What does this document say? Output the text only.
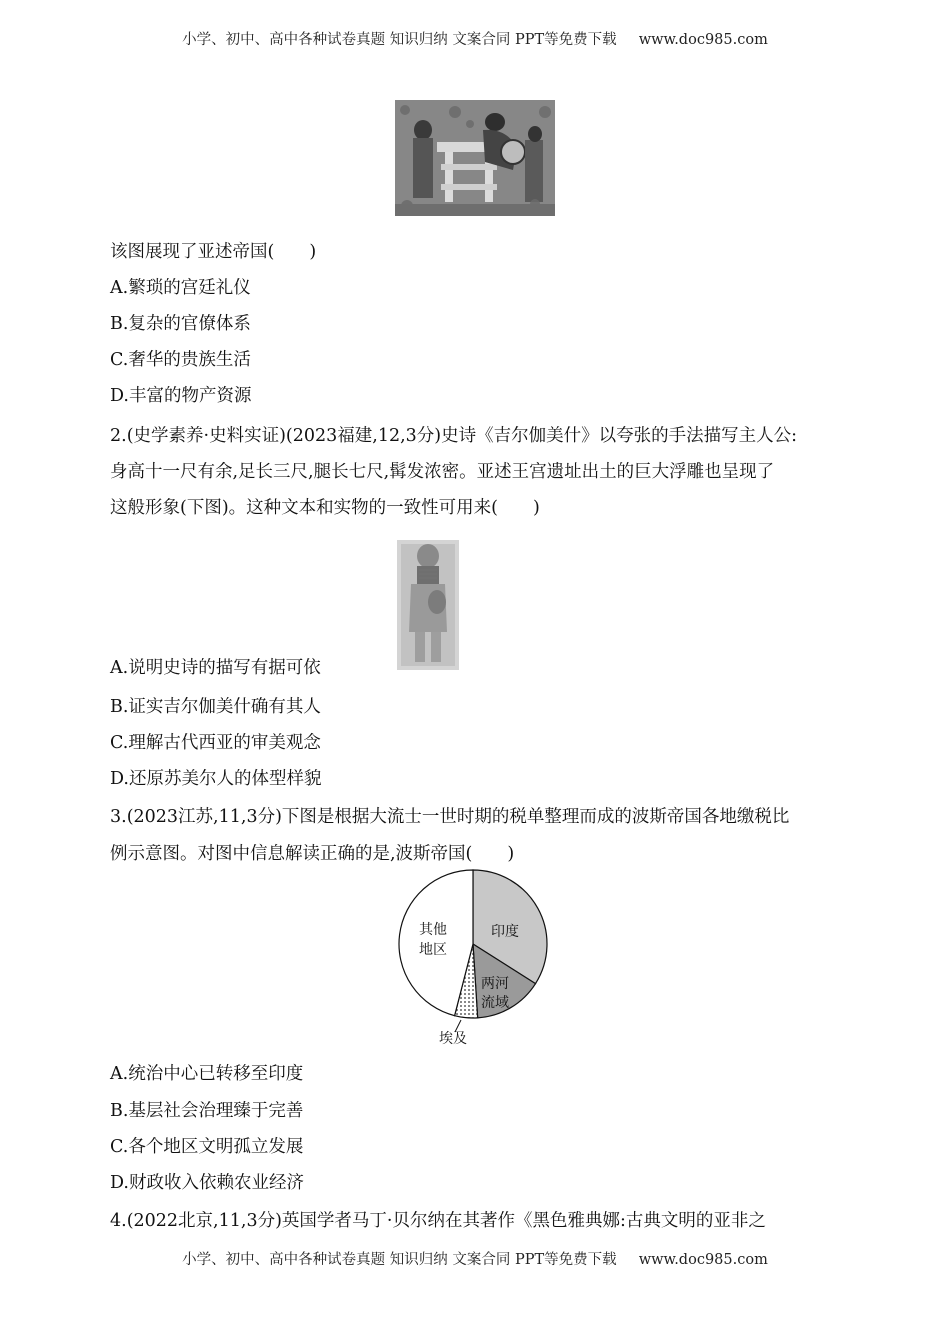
小学、初中、高中各种试卷真题 知识归纳 文案合同 PPT等免费下载 www.doc985.com
该图展现了亚述帝国(　　)
A.繁琐的宫廷礼仪
B.复杂的官僚体系
C.奢华的贵族生活
D.丰富的物产资源
2.(史学素养·史料实证)(2023福建,12,3分)史诗《吉尔伽美什》以夸张的手法描写主人公:
身高十一尺有余,足长三尺,腿长七尺,髯发浓密。亚述王宫遗址出土的巨大浮雕也呈现了
这般形象(下图)。这种文本和实物的一致性可用来(　　)
A.说明史诗的描写有据可依
B.证实吉尔伽美什确有其人
C.理解古代西亚的审美观念
D.还原苏美尔人的体型样貌
3.(2023江苏,11,3分)下图是根据大流士一世时期的税单整理而成的波斯帝国各地缴税比
例示意图。对图中信息解读正确的是,波斯帝国(　　)
印度
两河
流域
其他
地区
埃及
A.统治中心已转移至印度
B.基层社会治理臻于完善
C.各个地区文明孤立发展
D.财政收入依赖农业经济
4.(2022北京,11,3分)英国学者马丁·贝尔纳在其著作《黑色雅典娜:古典文明的亚非之
小学、初中、高中各种试卷真题 知识归纳 文案合同 PPT等免费下载 www.doc985.com
